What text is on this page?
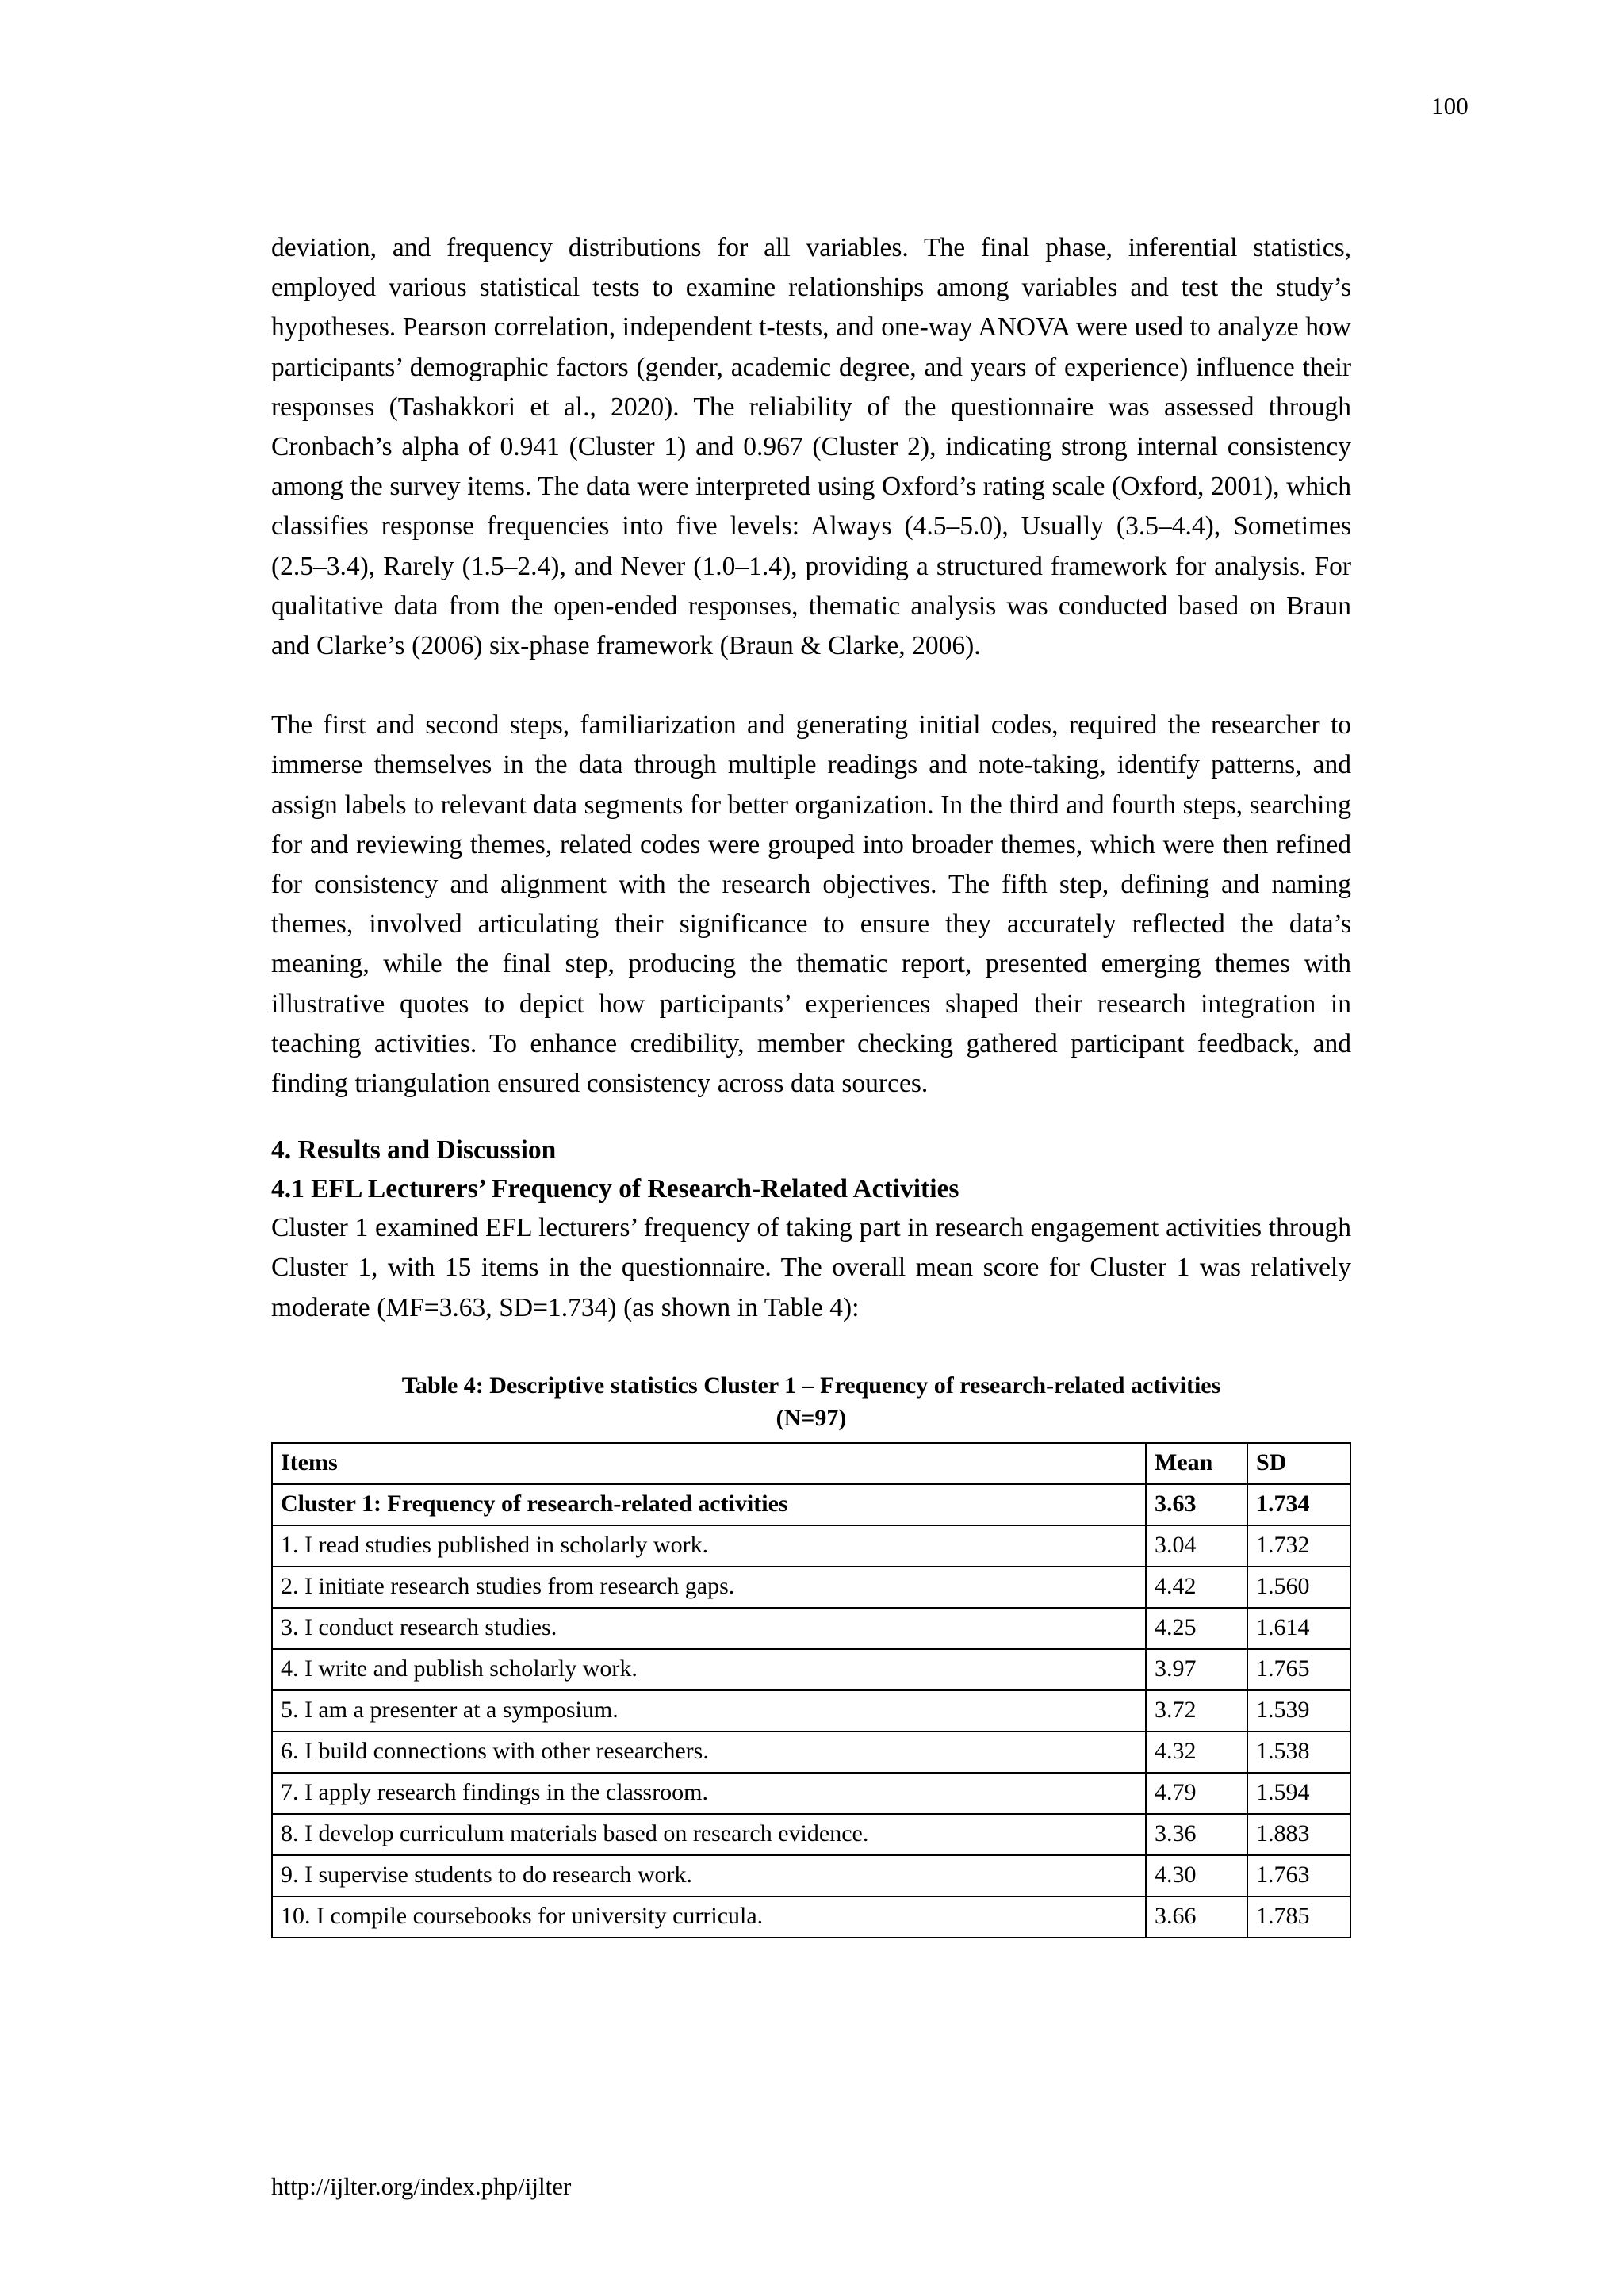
100

deviation, and frequency distributions for all variables. The final phase, inferential statistics, employed various statistical tests to examine relationships among variables and test the study’s hypotheses. Pearson correlation, independent t-tests, and one-way ANOVA were used to analyze how participants’ demographic factors (gender, academic degree, and years of experience) influence their responses (Tashakkori et al., 2020). The reliability of the questionnaire was assessed through Cronbach’s alpha of 0.941 (Cluster 1) and 0.967 (Cluster 2), indicating strong internal consistency among the survey items. The data were interpreted using Oxford’s rating scale (Oxford, 2001), which classifies response frequencies into five levels: Always (4.5–5.0), Usually (3.5–4.4), Sometimes (2.5–3.4), Rarely (1.5–2.4), and Never (1.0–1.4), providing a structured framework for analysis. For qualitative data from the open-ended responses, thematic analysis was conducted based on Braun and Clarke’s (2006) six-phase framework (Braun & Clarke, 2006).

The first and second steps, familiarization and generating initial codes, required the researcher to immerse themselves in the data through multiple readings and note-taking, identify patterns, and assign labels to relevant data segments for better organization. In the third and fourth steps, searching for and reviewing themes, related codes were grouped into broader themes, which were then refined for consistency and alignment with the research objectives. The fifth step, defining and naming themes, involved articulating their significance to ensure they accurately reflected the data’s meaning, while the final step, producing the thematic report, presented emerging themes with illustrative quotes to depict how participants’ experiences shaped their research integration in teaching activities. To enhance credibility, member checking gathered participant feedback, and finding triangulation ensured consistency across data sources.

4. Results and Discussion
4.1 EFL Lecturers’ Frequency of Research-Related Activities

Cluster 1 examined EFL lecturers’ frequency of taking part in research engagement activities through Cluster 1, with 15 items in the questionnaire. The overall mean score for Cluster 1 was relatively moderate (MF=3.63, SD=1.734) (as shown in Table 4):

Table 4: Descriptive statistics Cluster 1 – Frequency of research-related activities
(N=97)
Items	Mean	SD
Cluster 1: Frequency of research-related activities	3.63	1.734
1. I read studies published in scholarly work.	3.04	1.732
2. I initiate research studies from research gaps.	4.42	1.560
3. I conduct research studies.	4.25	1.614
4. I write and publish scholarly work.	3.97	1.765
5. I am a presenter at a symposium.	3.72	1.539
6. I build connections with other researchers.	4.32	1.538
7. I apply research findings in the classroom.	4.79	1.594
8. I develop curriculum materials based on research evidence.	3.36	1.883
9. I supervise students to do research work.	4.30	1.763
10. I compile coursebooks for university curricula.	3.66	1.785
http://ijlter.org/index.php/ijlter
